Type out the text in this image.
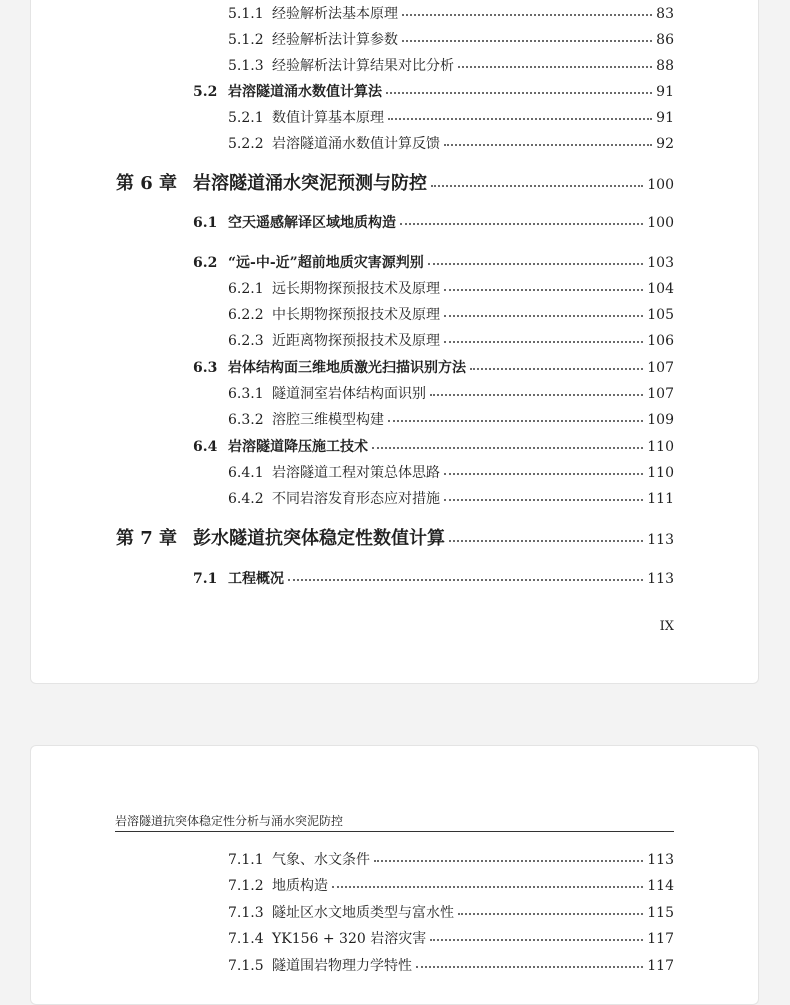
5.1.1 经验解析法基本原理	83
5.1.2 经验解析法计算参数	86
5.1.3 经验解析法计算结果对比分析	88
5.2 岩溶隧道涌水数值计算法	91
5.2.1 数值计算基本原理	91
5.2.2 岩溶隧道涌水数值计算反馈	92
第 6 章 岩溶隧道涌水突泥预测与防控	100
6.1 空天遥感解译区域地质构造	100
6.2 “远-中-近”超前地质灾害源判别	103
6.2.1 远长期物探预报技术及原理	104
6.2.2 中长期物探预报技术及原理	105
6.2.3 近距离物探预报技术及原理	106
6.3 岩体结构面三维地质激光扫描识别方法	107
6.3.1 隧道洞室岩体结构面识别	107
6.3.2 溶腔三维模型构建	109
6.4 岩溶隧道降压施工技术	110
6.4.1 岩溶隧道工程对策总体思路	110
6.4.2 不同岩溶发育形态应对措施	111
第 7 章 彭水隧道抗突体稳定性数值计算	113
7.1 工程概况	113
IX
岩溶隧道抗突体稳定性分析与涌水突泥防控
7.1.1 气象、水文条件	113
7.1.2 地质构造	114
7.1.3 隧址区水文地质类型与富水性	115
7.1.4 YK156 + 320 岩溶灾害	117
7.1.5 隧道围岩物理力学特性	117
